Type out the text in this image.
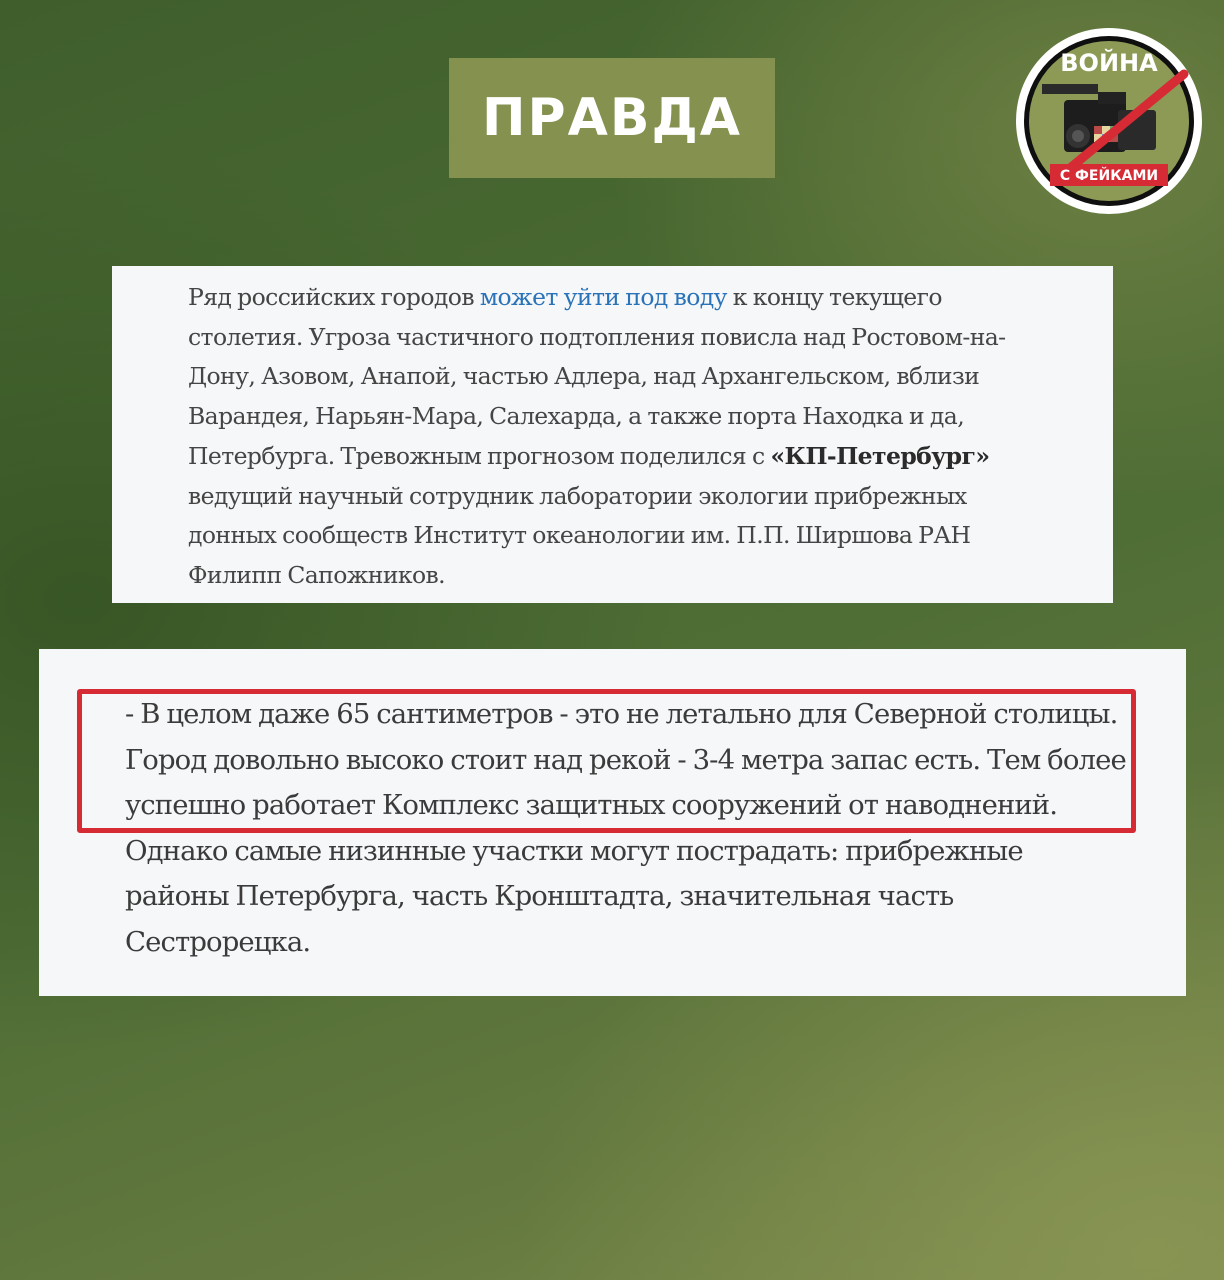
ПРАВДА
ВОЙНА
С ФЕЙКАМИ

Ряд российских городов может уйти под воду к концу текущего
столетия. Угроза частичного подтопления повисла над Ростовом-на-
Дону, Азовом, Анапой, частью Адлера, над Архангельском, вблизи
Варандея, Нарьян-Мара, Салехарда, а также порта Находка и да,
Петербурга. Тревожным прогнозом поделился с «КП-Петербург»
ведущий научный сотрудник лаборатории экологии прибрежных
донных сообществ Институт океанологии им. П.П. Ширшова РАН
Филипп Сапожников.

- В целом даже 65 сантиметров - это не летально для Северной столицы.
Город довольно высоко стоит над рекой - 3-4 метра запас есть. Тем более
успешно работает Комплекс защитных сооружений от наводнений.
Однако самые низинные участки могут пострадать: прибрежные
районы Петербурга, часть Кронштадта, значительная часть
Сестрорецка.
